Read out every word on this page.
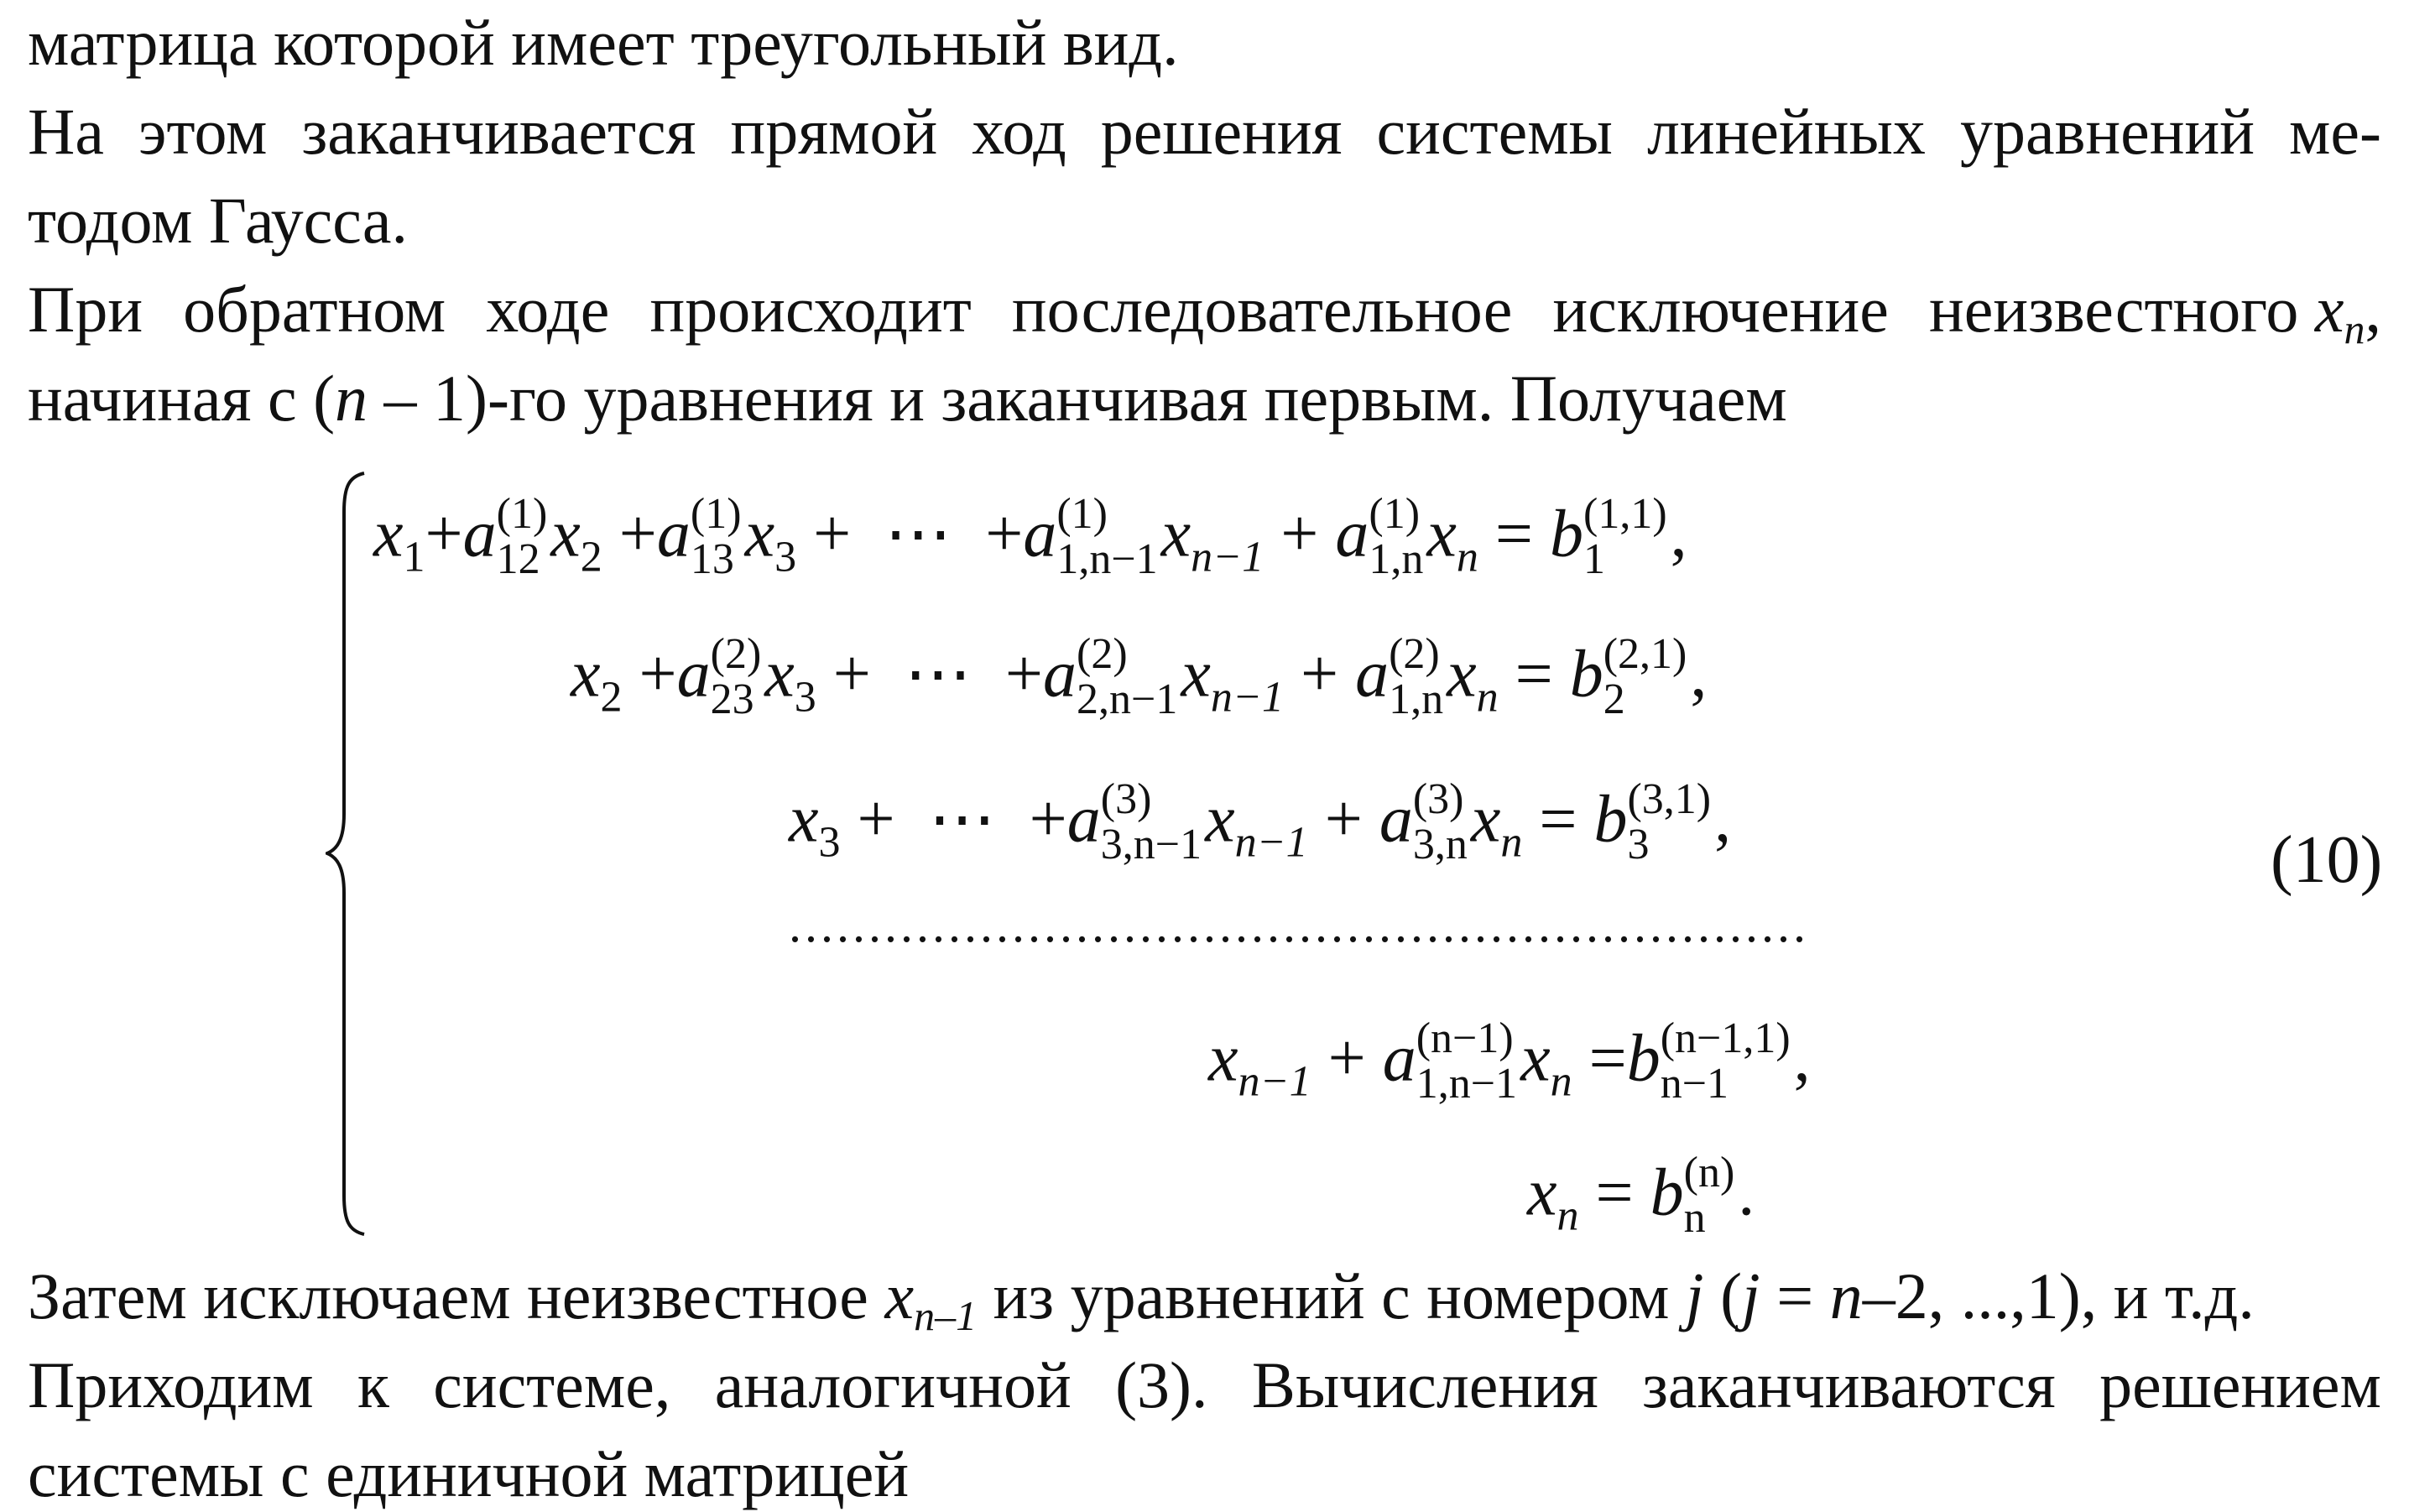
матрица которой имеет треугольный вид.
На этом заканчивается прямой ход решения системы линейных уравнений ме-
тодом Гаусса.
При обратном ходе происходит последовательное исключение неизвестного $x_n$,
начиная с (n – 1)-го уравнения и заканчивая первым. Получаем
$x_1+a$ (1)
12 $x_2 +a$ (1)
13 $x_3$ +  ⋯  +a (1)
1,n−1 $x_{n-1} + a$ (1)
1,n $x_n = b$ (1,1)
1 ,
$x_2 +a$ (2)
23 $x_3$ +  ⋯  +a (2)
2,n−1 $x_{n-1} + a$ (2)
1,n $x_n = b$ (2,1)
2 ,
$x_3$ +  ⋯  +a (3)
3,n−1 $x_{n-1} + a$ (3)
3,n $x_n = b$ (3,1)
3 ,
................................................................
$x_{n-1} + a$ (n−1)
1,n−1 $x_n =b$ (n−1,1)
n−1 ,
$x_n = b$ (n)
n .
(10)
Затем исключаем неизвестное $x_{n-1}$ из уравнений с номером j (j = n–2, ...,1), и т.д.
Приходим к системе, аналогичной (3). Вычисления заканчиваются решением
системы с единичной матрицей
